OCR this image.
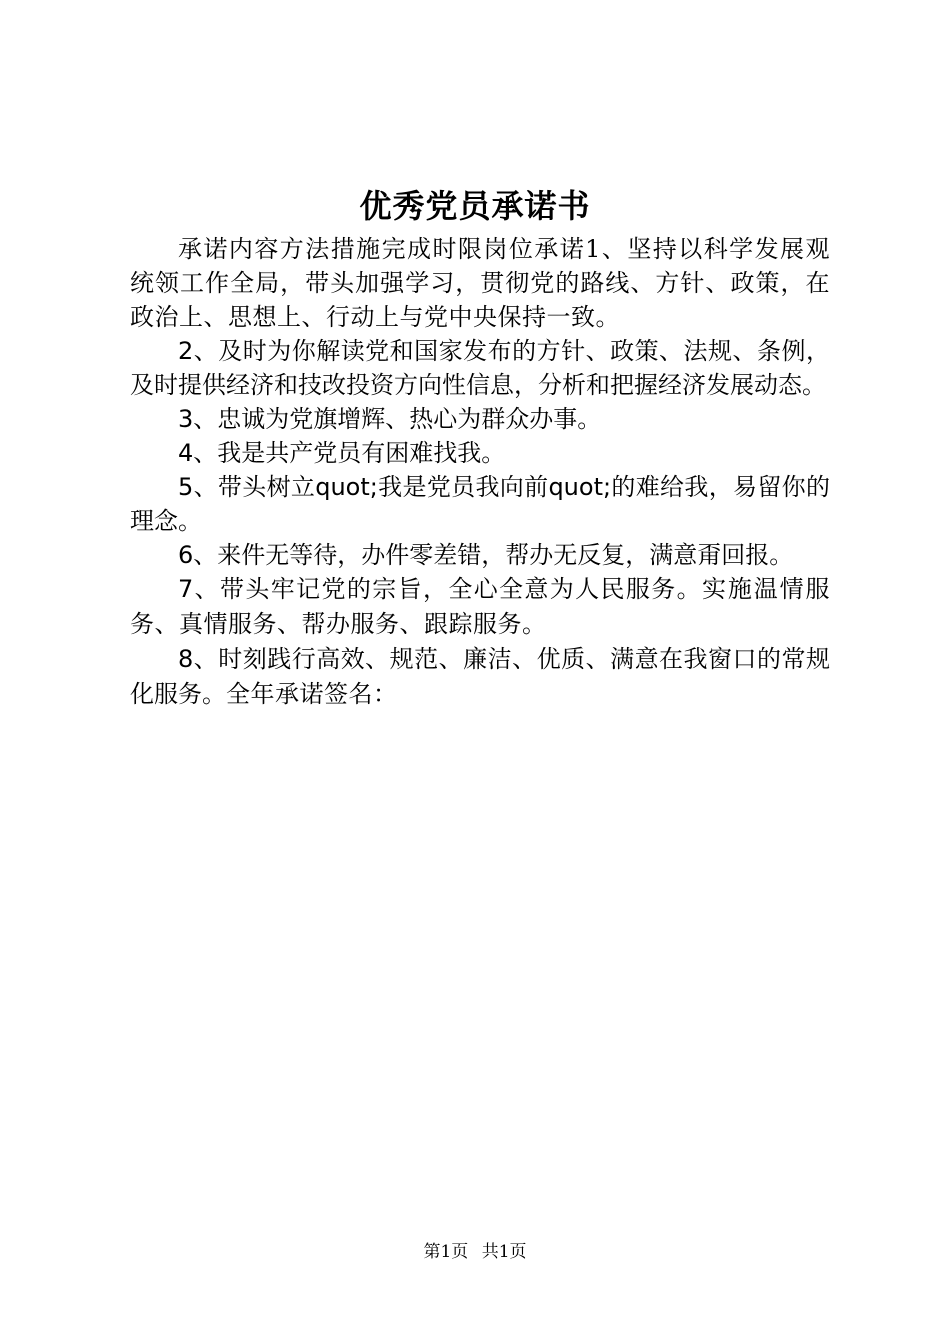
优秀党员承诺书

承诺内容方法措施完成时限岗位承诺1、坚持以科学发展观统领工作全局，带头加强学习，贯彻党的路线、方针、政策，在政治上、思想上、行动上与党中央保持一致。

2、及时为你解读党和国家发布的方针、政策、法规、条例，及时提供经济和技改投资方向性信息，分析和把握经济发展动态。

3、忠诚为党旗增辉、热心为群众办事。

4、我是共产党员有困难找我。

5、带头树立quot;我是党员我向前quot;的难给我，易留你的理念。

6、来件无等待，办件零差错，帮办无反复，满意甭回报。

7、带头牢记党的宗旨，全心全意为人民服务。实施温情服务、真情服务、帮办服务、跟踪服务。

8、时刻践行高效、规范、廉洁、优质、满意在我窗口的常规化服务。全年承诺签名：

第1页 共1页
